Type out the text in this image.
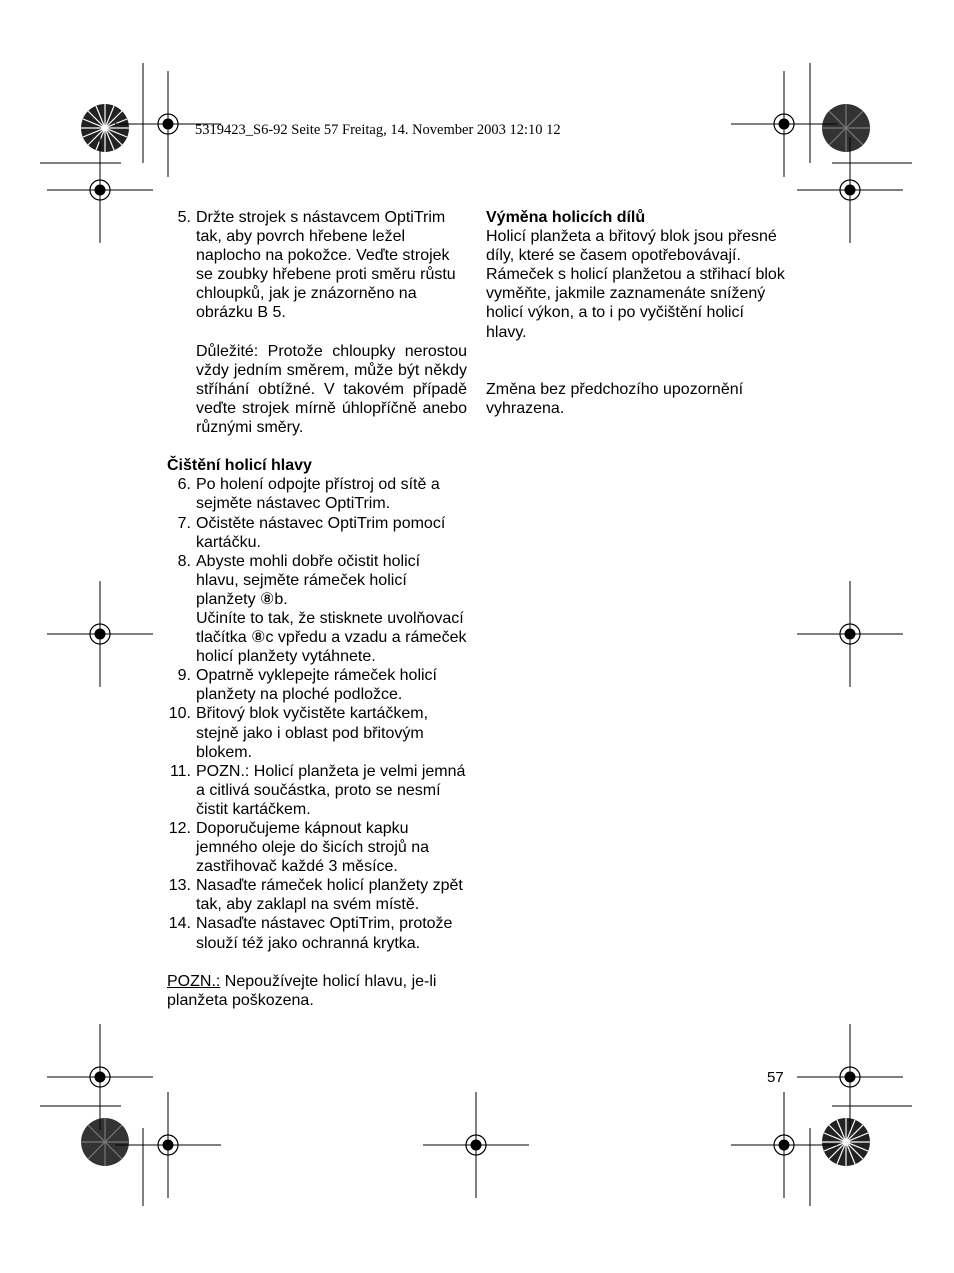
5319423_S6-92 Seite 57 Freitag, 14. November 2003 12:10 12
5. Držte strojek s nástavcem OptiTrim tak, aby povrch hřebene ležel naplocho na pokožce. Veďte strojek se zoubky hřebene proti směru růstu chloupků, jak je znázorněno na obrázku B 5.
Důležité: Protože chloupky nerostou vždy jedním směrem, může být někdy stříhání obtížné. V takovém případě veďte strojek mírně úhlopříčně anebo různými směry.
Čištění holicí hlavy
6. Po holení odpojte přístroj od sítě a sejměte nástavec OptiTrim.
7. Očistěte nástavec OptiTrim pomocí kartáčku.
8. Abyste mohli dobře očistit holicí hlavu, sejměte rámeček holicí planžety ⑧b.
Učiníte to tak, že stisknete uvolňovací tlačítka ⑧c vpředu a vzadu a rámeček holicí planžety vytáhnete.
9. Opatrně vyklepejte rámeček holicí planžety na ploché podložce.
10. Břitový blok vyčistěte kartáčkem, stejně jako i oblast pod břitovým blokem.
11. POZN.: Holicí planžeta je velmi jemná a citlivá součástka, proto se nesmí čistit kartáčkem.
12. Doporučujeme kápnout kapku jemného oleje do šicích strojů na zastřihovač každé 3 měsíce.
13. Nasaďte rámeček holicí planžety zpět tak, aby zaklapl na svém místě.
14. Nasaďte nástavec OptiTrim, protože slouží též jako ochranná krytka.
POZN.: Nepoužívejte holicí hlavu, je-li planžeta poškozena.
Výměna holicích dílů
Holicí planžeta a břitový blok jsou přesné díly, které se časem opotřebovávají. Rámeček s holicí planžetou a střihací blok vyměňte, jakmile zaznamenáte snížený holicí výkon, a to i po vyčištění holicí hlavy.
Změna bez předchozího upozornění vyhrazena.
57
